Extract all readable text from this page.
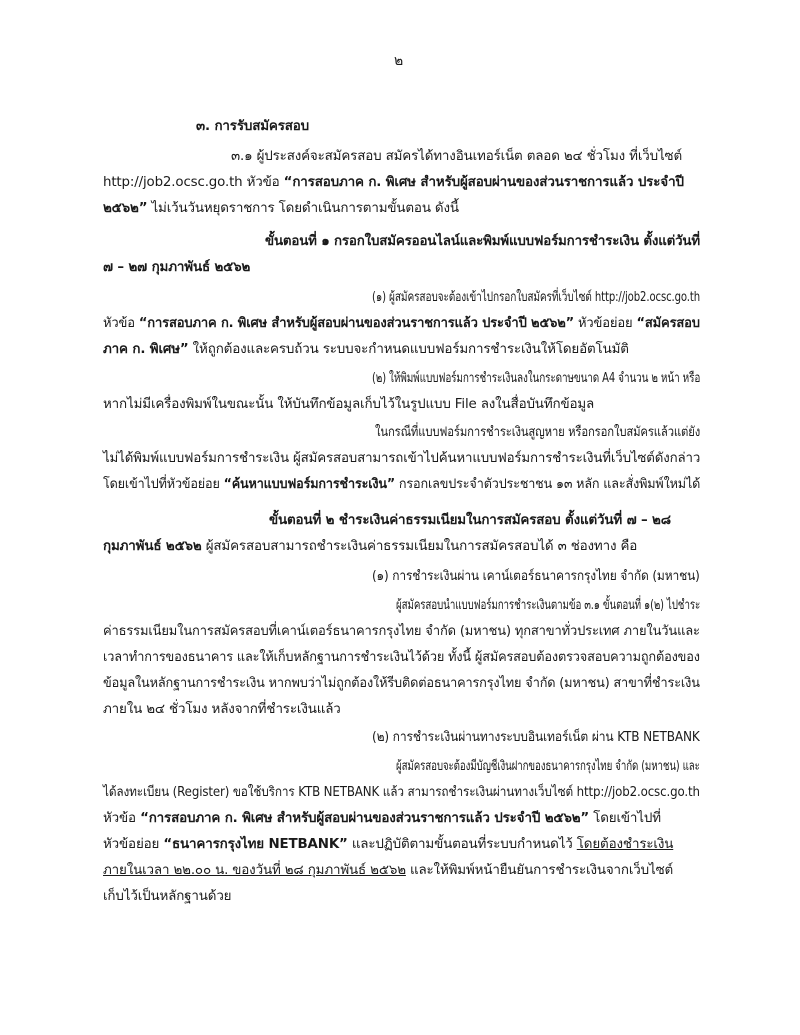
๒
๓. การรับสมัครสอบ
๓.๑ ผู้ประสงค์จะสมัครสอบ สมัครได้ทางอินเทอร์เน็ต ตลอด ๒๔ ชั่วโมง ที่เว็บไซต์
http://job2.ocsc.go.th หัวข้อ “การสอบภาค ก. พิเศษ สำหรับผู้สอบผ่านของส่วนราชการแล้ว ประจำปี
๒๕๖๒” ไม่เว้นวันหยุดราชการ โดยดำเนินการตามขั้นตอน ดังนี้
ขั้นตอนที่ ๑ กรอกใบสมัครออนไลน์และพิมพ์แบบฟอร์มการชำระเงิน ตั้งแต่วันที่
๗ – ๒๗ กุมภาพันธ์ ๒๕๖๒
(๑) ผู้สมัครสอบจะต้องเข้าไปกรอกใบสมัครที่เว็บไซต์ http://job2.ocsc.go.th
หัวข้อ “การสอบภาค ก. พิเศษ สำหรับผู้สอบผ่านของส่วนราชการแล้ว ประจำปี ๒๕๖๒” หัวข้อย่อย “สมัครสอบ
ภาค ก. พิเศษ” ให้ถูกต้องและครบถ้วน ระบบจะกำหนดแบบฟอร์มการชำระเงินให้โดยอัตโนมัติ
(๒) ให้พิมพ์แบบฟอร์มการชำระเงินลงในกระดาษขนาด A4 จำนวน ๒ หน้า หรือ
หากไม่มีเครื่องพิมพ์ในขณะนั้น ให้บันทึกข้อมูลเก็บไว้ในรูปแบบ File ลงในสื่อบันทึกข้อมูล
ในกรณีที่แบบฟอร์มการชำระเงินสูญหาย หรือกรอกใบสมัครแล้วแต่ยัง
ไม่ได้พิมพ์แบบฟอร์มการชำระเงิน ผู้สมัครสอบสามารถเข้าไปค้นหาแบบฟอร์มการชำระเงินที่เว็บไซต์ดังกล่าว
โดยเข้าไปที่หัวข้อย่อย “ค้นหาแบบฟอร์มการชำระเงิน” กรอกเลขประจำตัวประชาชน ๑๓ หลัก และสั่งพิมพ์ใหม่ได้
ขั้นตอนที่ ๒ ชำระเงินค่าธรรมเนียมในการสมัครสอบ ตั้งแต่วันที่ ๗ – ๒๘
กุมภาพันธ์ ๒๕๖๒ ผู้สมัครสอบสามารถชำระเงินค่าธรรมเนียมในการสมัครสอบได้ ๓ ช่องทาง คือ
(๑) การชำระเงินผ่าน เคาน์เตอร์ธนาคารกรุงไทย จำกัด (มหาชน)
ผู้สมัครสอบนำแบบฟอร์มการชำระเงินตามข้อ ๓.๑ ขั้นตอนที่ ๑(๒) ไปชำระ
ค่าธรรมเนียมในการสมัครสอบที่เคาน์เตอร์ธนาคารกรุงไทย จำกัด (มหาชน) ทุกสาขาทั่วประเทศ ภายในวันและ
เวลาทำการของธนาคาร และให้เก็บหลักฐานการชำระเงินไว้ด้วย ทั้งนี้ ผู้สมัครสอบต้องตรวจสอบความถูกต้องของ
ข้อมูลในหลักฐานการชำระเงิน หากพบว่าไม่ถูกต้องให้รีบติดต่อธนาคารกรุงไทย จำกัด (มหาชน) สาขาที่ชำระเงิน
ภายใน ๒๔ ชั่วโมง หลังจากที่ชำระเงินแล้ว
(๒) การชำระเงินผ่านทางระบบอินเทอร์เน็ต ผ่าน KTB NETBANK
ผู้สมัครสอบจะต้องมีบัญชีเงินฝากของธนาคารกรุงไทย จำกัด (มหาชน) และ
ได้ลงทะเบียน (Register) ขอใช้บริการ KTB NETBANK แล้ว สามารถชำระเงินผ่านทางเว็บไซต์ http://job2.ocsc.go.th
หัวข้อ “การสอบภาค ก. พิเศษ สำหรับผู้สอบผ่านของส่วนราชการแล้ว ประจำปี ๒๕๖๒” โดยเข้าไปที่
หัวข้อย่อย “ธนาคารกรุงไทย NETBANK” และปฏิบัติตามขั้นตอนที่ระบบกำหนดไว้ โดยต้องชำระเงิน
ภายในเวลา ๒๒.๐๐ น. ของวันที่ ๒๘ กุมภาพันธ์ ๒๕๖๒ และให้พิมพ์หน้ายืนยันการชำระเงินจากเว็บไซต์
เก็บไว้เป็นหลักฐานด้วย
